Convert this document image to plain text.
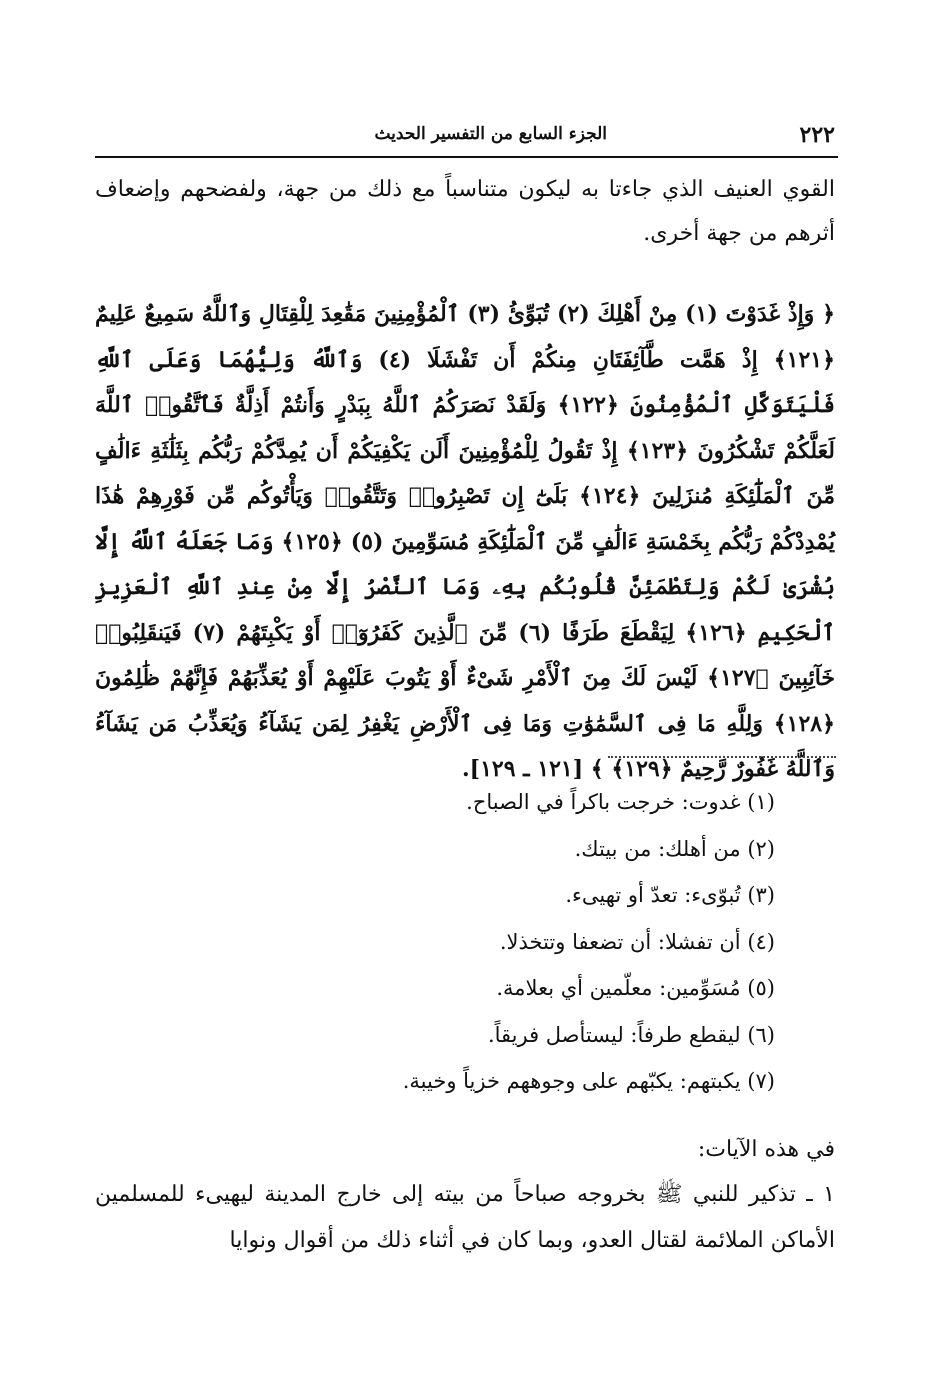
٢٢٢
الجزء السابع من التفسير الحديث

القوي العنيف الذي جاءتا به ليكون متناسباً مع ذلك من جهة، ولفضحهم وإضعاف أثرهم من جهة أخرى.

﴿ وَإِذْ غَدَوْتَ (١) مِنْ أَهْلِكَ (٢) تُبَوِّئُ (٣) ٱلْمُؤْمِنِينَ مَقَٰعِدَ لِلْقِتَالِ وَٱللَّهُ سَمِيعٌ عَلِيمٌ ﴿١٢١﴾ إِذْ هَمَّت طَّآئِفَتَانِ مِنكُمْ أَن تَفْشَلَا (٤) وَٱللَّهُ وَلِيُّهُمَا وَعَلَى ٱللَّهِ فَلْيَتَوَكَّلِ ٱلْمُؤْمِنُونَ ﴿١٢٢﴾ وَلَقَدْ نَصَرَكُمُ ٱللَّهُ بِبَدْرٍ وَأَنتُمْ أَذِلَّةٌ فَٱتَّقُوا۟ ٱللَّهَ لَعَلَّكُمْ تَشْكُرُونَ ﴿١٢٣﴾ إِذْ تَقُولُ لِلْمُؤْمِنِينَ أَلَن يَكْفِيَكُمْ أَن يُمِدَّكُمْ رَبُّكُم بِثَلَٰثَةِ ءَالَٰفٍ مِّنَ ٱلْمَلَٰٓئِكَةِ مُنزَلِينَ ﴿١٢٤﴾ بَلَىٰٓ إِن تَصْبِرُوا۟ وَتَتَّقُوا۟ وَيَأْتُوكُم مِّن فَوْرِهِمْ هَٰذَا يُمْدِدْكُمْ رَبُّكُم بِخَمْسَةِ ءَالَٰفٍ مِّنَ ٱلْمَلَٰٓئِكَةِ مُسَوِّمِينَ (٥) ﴿١٢٥﴾ وَمَا جَعَلَهُ ٱللَّهُ إِلَّا بُشْرَىٰ لَكُمْ وَلِتَطْمَئِنَّ قُلُوبُكُم بِهِۦ وَمَا ٱلنَّصْرُ إِلَّا مِنْ عِندِ ٱللَّهِ ٱلْعَزِيزِ ٱلْحَكِيمِ ﴿١٢٦﴾ لِيَقْطَعَ طَرَفًا (٦) مِّنَ ٱلَّذِينَ كَفَرُوٓا۟ أَوْ يَكْبِتَهُمْ (٧) فَيَنقَلِبُوا۟ خَآئِبِينَ ﴿١٢٧﴾ لَيْسَ لَكَ مِنَ ٱلْأَمْرِ شَىْءٌ أَوْ يَتُوبَ عَلَيْهِمْ أَوْ يُعَذِّبَهُمْ فَإِنَّهُمْ ظَٰلِمُونَ ﴿١٢٨﴾ وَلِلَّهِ مَا فِى ٱلسَّمَٰوَٰتِ وَمَا فِى ٱلْأَرْضِ يَغْفِرُ لِمَن يَشَآءُ وَيُعَذِّبُ مَن يَشَآءُ وَٱللَّهُ غَفُورٌ رَّحِيمٌ ﴿١٢٩﴾ ﴾ [١٢١ ـ ١٢٩].

(١) غدوت: خرجت باكراً في الصباح.
(٢) من أهلك: من بيتك.
(٣) تُبوّىء: تعدّ أو تهيىء.
(٤) أن تفشلا: أن تضعفا وتتخذلا.
(٥) مُسَوِّمين: معلّمين أي بعلامة.
(٦) ليقطع طرفاً: ليستأصل فريقاً.
(٧) يكبتهم: يكبّهم على وجوههم خزياً وخيبة.
في هذه الآيات:

١ ـ تذكير للنبي ﷺ بخروجه صباحاً من بيته إلى خارج المدينة ليهيىء للمسلمين الأماكن الملائمة لقتال العدو، وبما كان في أثناء ذلك من أقوال ونوايا
